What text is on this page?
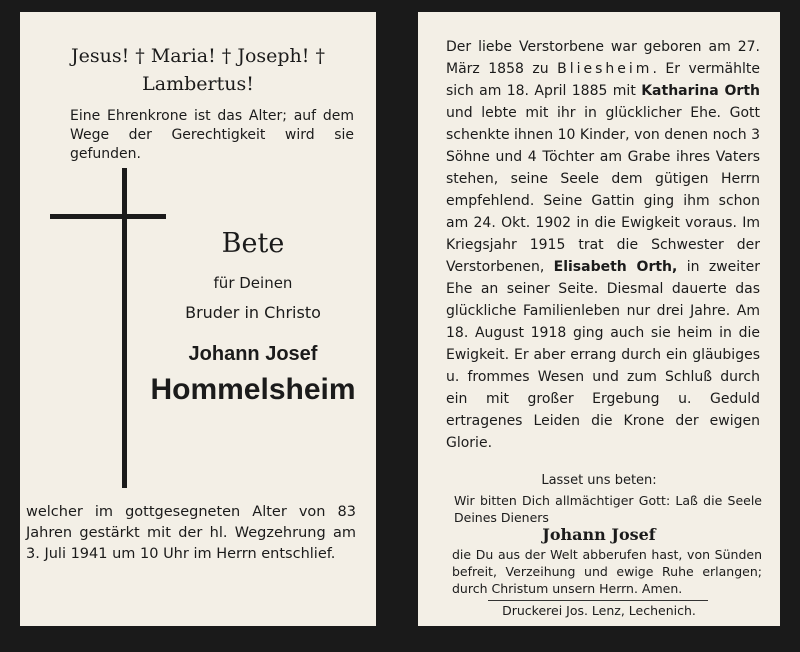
Jesus! † Maria! † Joseph! †
Lambertus!
Eine Ehrenkrone ist das Alter; auf dem Wege der Gerechtigkeit wird sie gefunden.
Bete
für Deinen
Bruder in Christo
Johann Josef
Hommelsheim
welcher im gottgesegneten Alter von 83 Jahren gestärkt mit der hl. Wegzehrung am 3. Juli 1941 um 10 Uhr im Herrn entschlief.
Der liebe Verstorbene war geboren am 27. März 1858 zu Bliesheim. Er vermählte sich am 18. April 1885 mit Katharina Orth und lebte mit ihr in glücklicher Ehe. Gott schenkte ihnen 10 Kinder, von denen noch 3 Söhne und 4 Töchter am Grabe ihres Vaters stehen, seine Seele dem gütigen Herrn empfehlend. Seine Gattin ging ihm schon am 24. Okt. 1902 in die Ewigkeit voraus. Im Kriegsjahr 1915 trat die Schwester der Verstorbenen, Elisabeth Orth, in zweiter Ehe an seiner Seite. Diesmal dauerte das glückliche Familienleben nur drei Jahre. Am 18. August 1918 ging auch sie heim in die Ewigkeit. Er aber errang durch ein gläubiges u. frommes Wesen und zum Schluß durch ein mit großer Ergebung u. Geduld ertragenes Leiden die Krone der ewigen Glorie.
Lasset uns beten:
Wir bitten Dich allmächtiger Gott: Laß die Seele Deines Dieners
Johann Josef
die Du aus der Welt abberufen hast, von Sünden befreit, Verzeihung und ewige Ruhe erlangen; durch Christum unsern Herrn. Amen.
Druckerei Jos. Lenz, Lechenich.
